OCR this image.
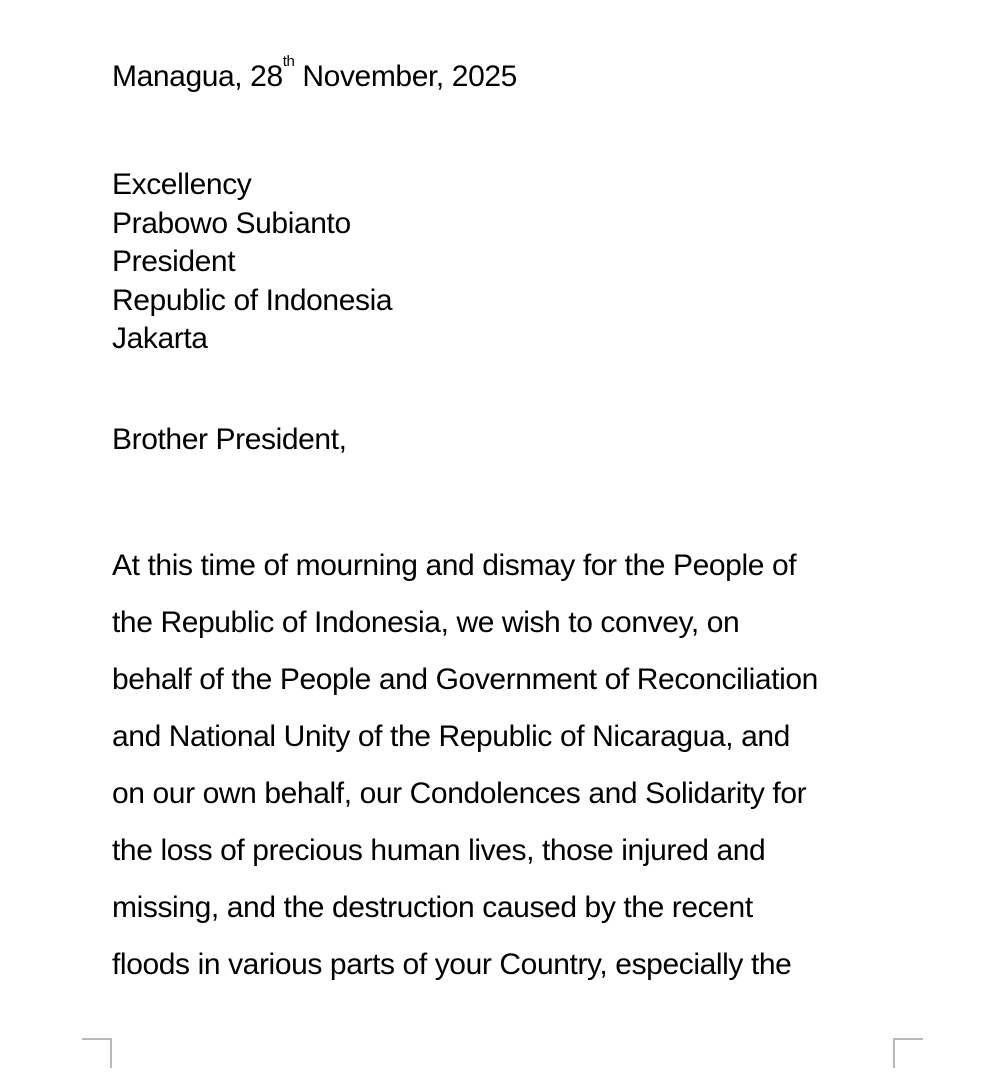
Managua, 28th November, 2025
Excellency
Prabowo Subianto
President
Republic of Indonesia
Jakarta
Brother President,
At this time of mourning and dismay for the People of
the Republic of Indonesia, we wish to convey, on
behalf of the People and Government of Reconciliation
and National Unity of the Republic of Nicaragua, and
on our own behalf, our Condolences and Solidarity for
the loss of precious human lives, those injured and
missing, and the destruction caused by the recent
floods in various parts of your Country, especially the
